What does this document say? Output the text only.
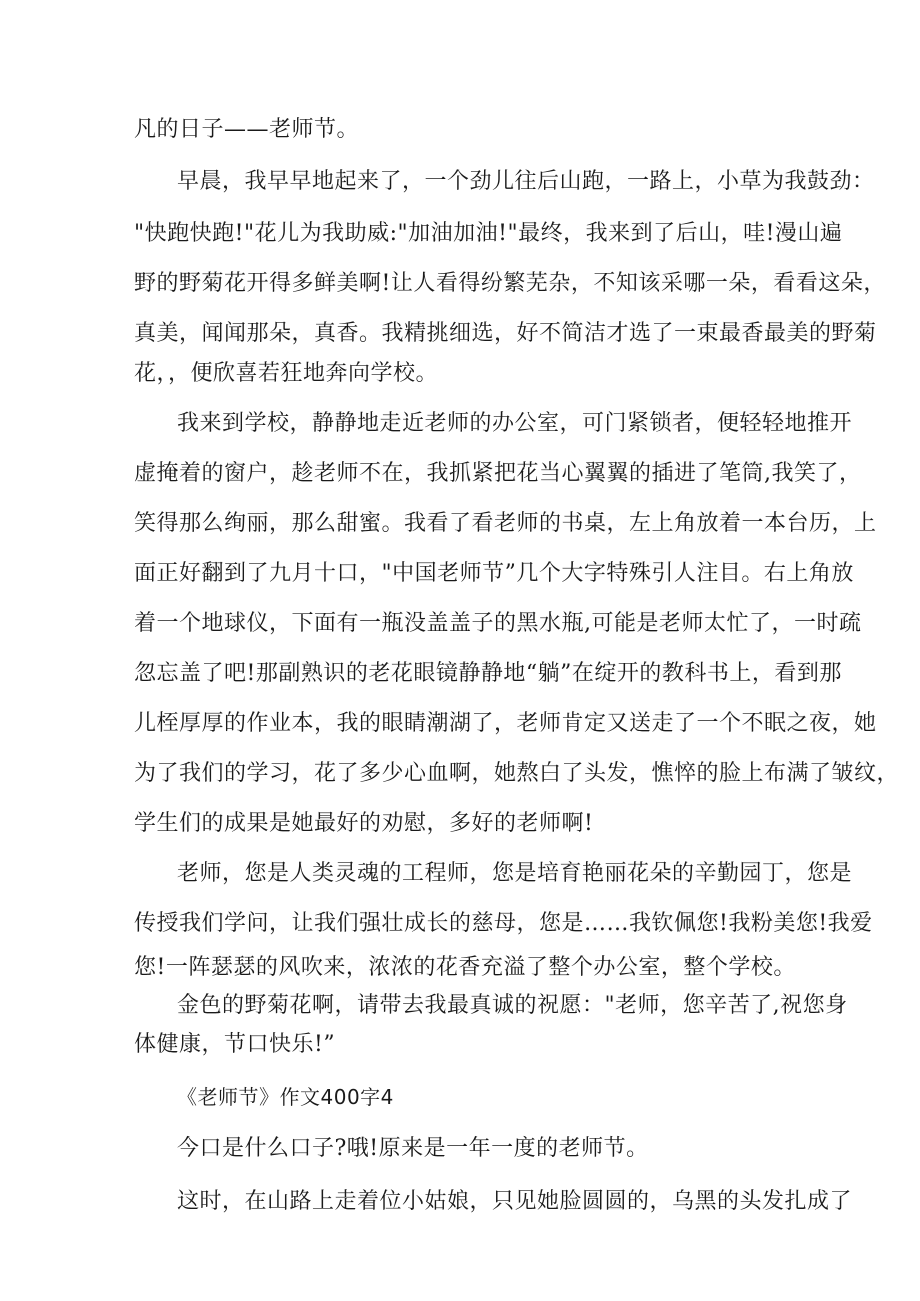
凡的日子——老师节。
早晨，我早早地起来了，一个劲儿往后山跑，一路上，小草为我鼓劲：
"快跑快跑!"花儿为我助威:"加油加油!"最终，我来到了后山，哇!漫山遍
野的野菊花开得多鲜美啊!让人看得纷繁芜杂，不知该采哪一朵，看看这朵，
真美，闻闻那朵，真香。我精挑细选，好不简洁才选了一束最香最美的野菊
花，，便欣喜若狂地奔向学校。
我来到学校，静静地走近老师的办公室，可门紧锁者，便轻轻地推开
虚掩着的窗户，趁老师不在，我抓紧把花当心翼翼的插进了笔筒,我笑了，
笑得那么绚丽，那么甜蜜。我看了看老师的书桌，左上角放着一本台历，上
面正好翻到了九月十口，"中国老师节”几个大字特殊引人注目。右上角放
着一个地球仪，下面有一瓶没盖盖子的黑水瓶,可能是老师太忙了，一时疏
忽忘盖了吧!那副熟识的老花眼镜静静地“躺”在绽开的教科书上，看到那
儿桎厚厚的作业本，我的眼睛潮湖了，老师肯定又送走了一个不眠之夜，她
为了我们的学习，花了多少心血啊，她熬白了头发，憔悴的脸上布满了皱纹，
学生们的成果是她最好的劝慰，多好的老师啊!
老师，您是人类灵魂的工程师，您是培育艳丽花朵的辛勤园丁，您是
传授我们学问，让我们强壮成长的慈母，您是……我钦佩您!我粉美您!我爱
您!一阵瑟瑟的风吹来，浓浓的花香充溢了整个办公室，整个学校。
金色的野菊花啊，请带去我最真诚的祝愿："老师，您辛苦了,祝您身
体健康，节口快乐!”
《老师节》作文400字4
今口是什么口子?哦!原来是一年一度的老师节。
这时，在山路上走着位小姑娘，只见她脸圆圆的，乌黑的头发扎成了
